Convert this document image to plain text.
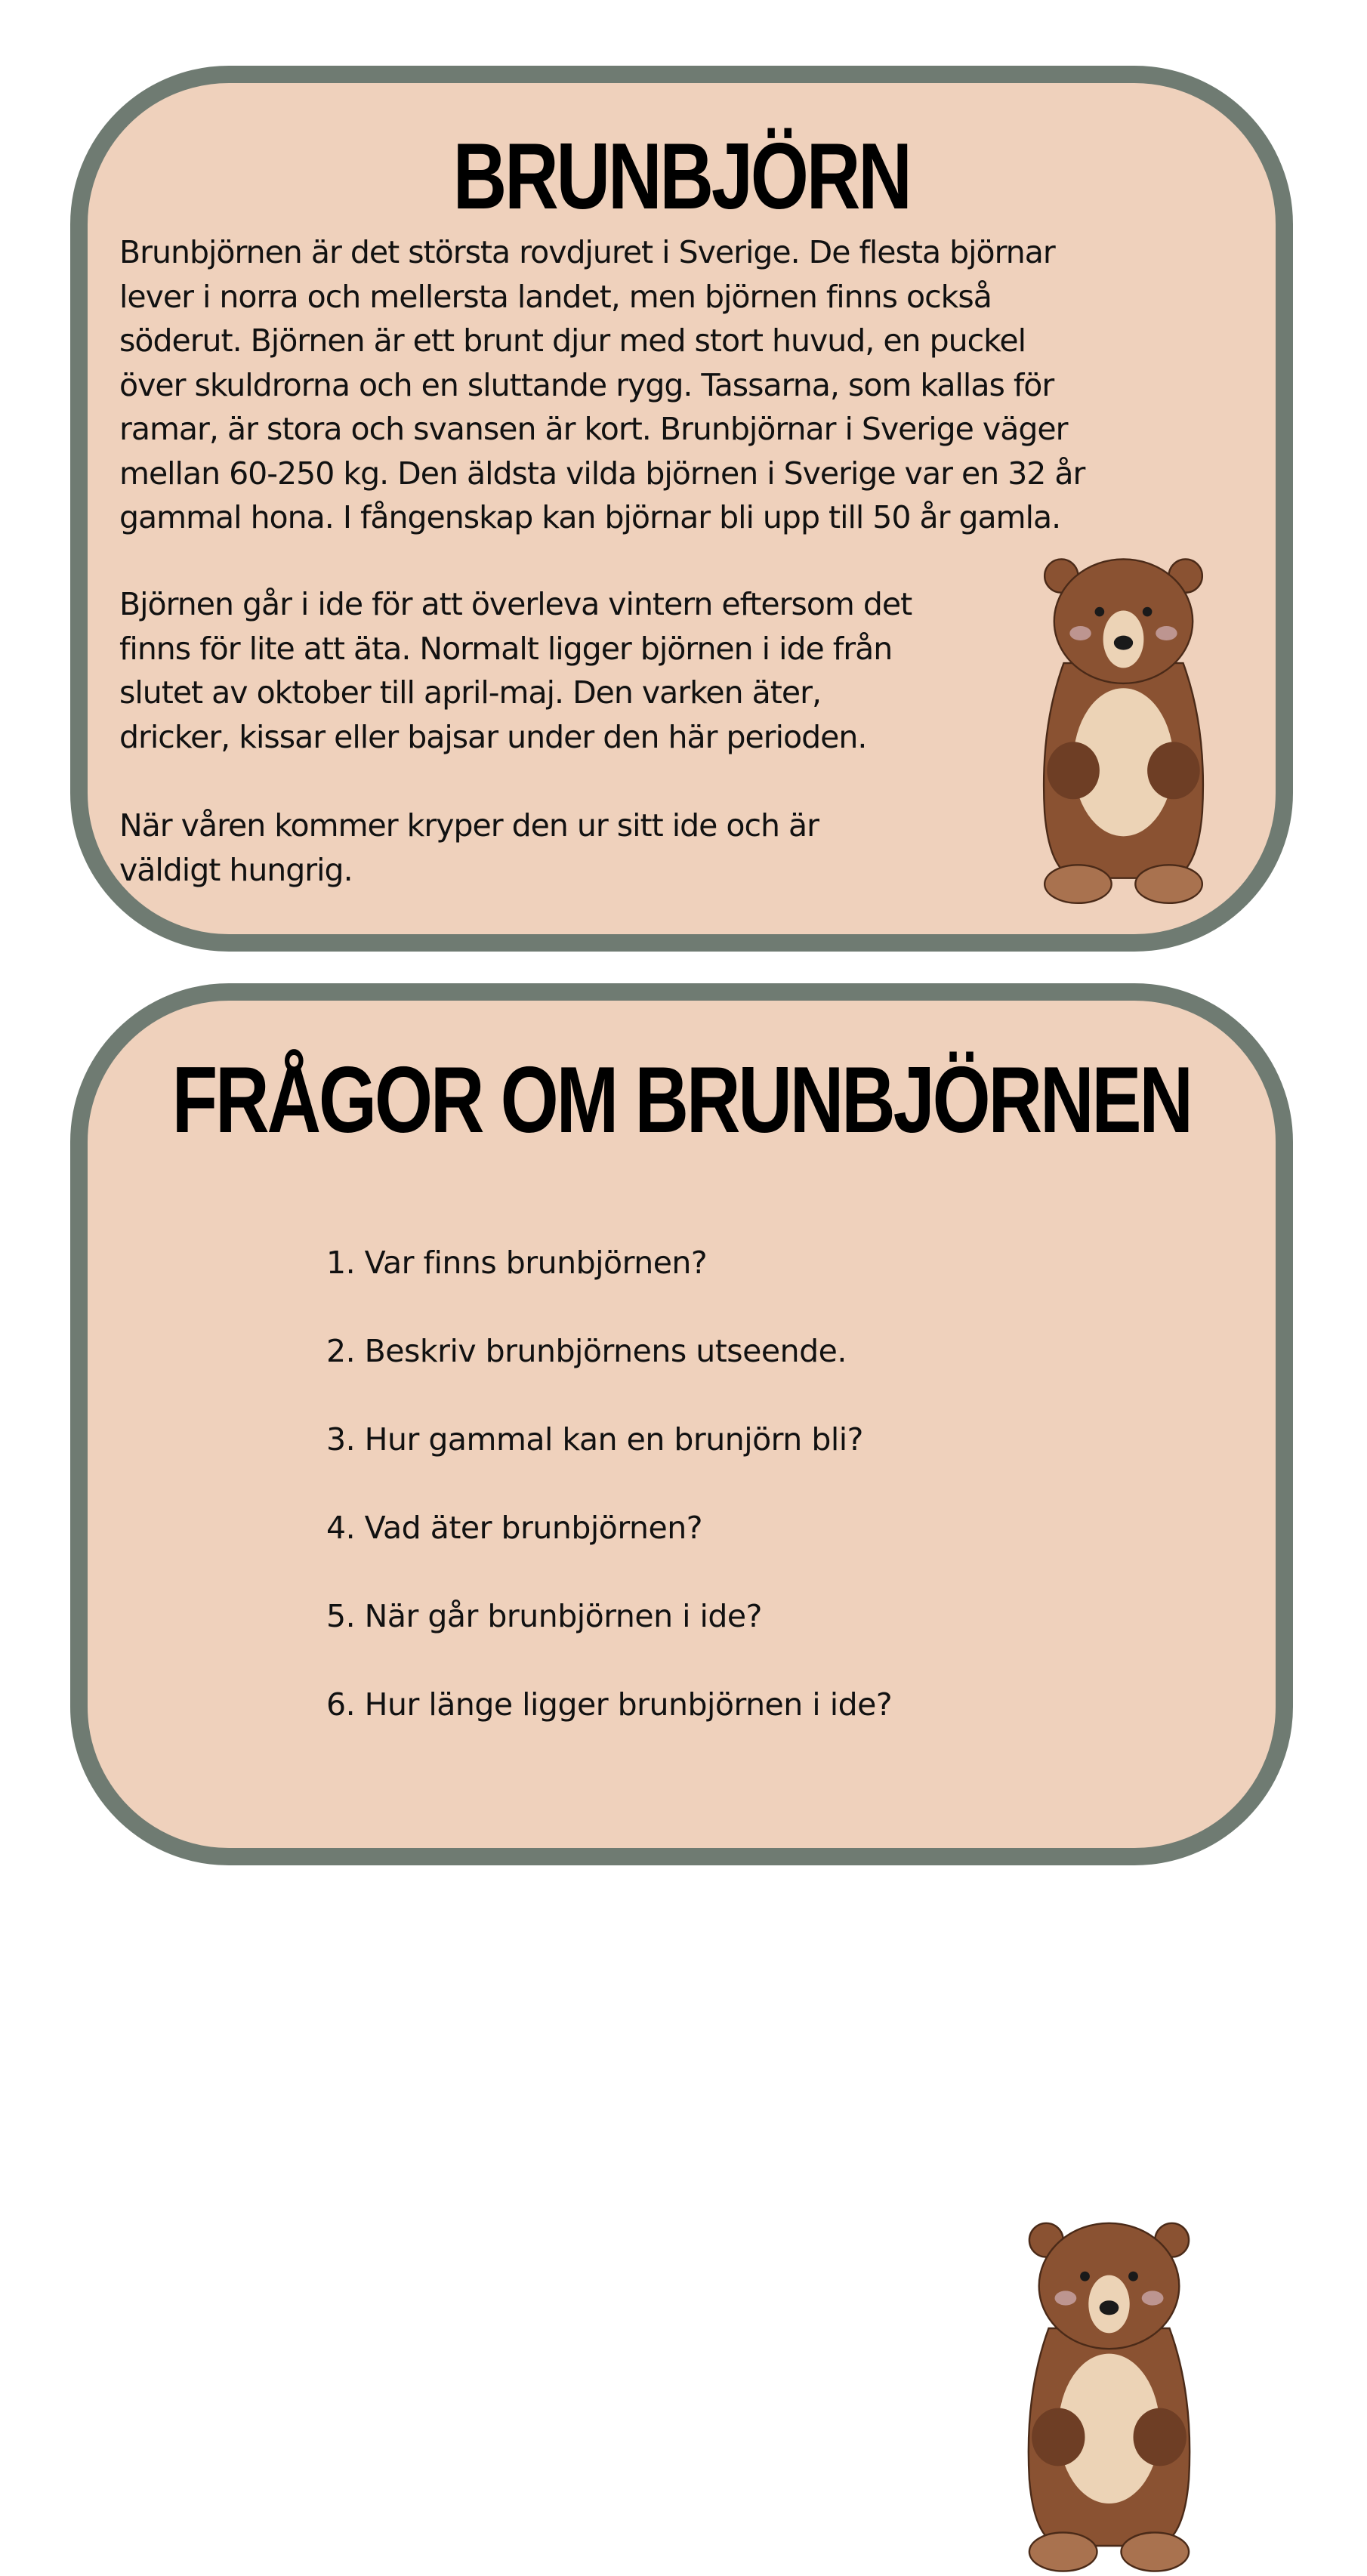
BRUNBJÖRN

Brunbjörnen är det största rovdjuret i Sverige. De flesta björnar
lever i norra och mellersta landet, men björnen finns också
söderut. Björnen är ett brunt djur med stort huvud, en puckel
över skuldrorna och en sluttande rygg. Tassarna, som kallas för
ramar, är stora och svansen är kort. Brunbjörnar i Sverige väger
mellan 60-250 kg. Den äldsta vilda björnen i Sverige var en 32 år
gammal hona. I fångenskap kan björnar bli upp till 50 år gamla.

Björnen går i ide för att överleva vintern eftersom det
finns för lite att äta. Normalt ligger björnen i ide från
slutet av oktober till april-maj. Den varken äter,
dricker, kissar eller bajsar under den här perioden.

När våren kommer kryper den ur sitt ide och är
väldigt hungrig.

FRÅGOR OM BRUNBJÖRNEN
1. Var finns brunbjörnen?
2. Beskriv brunbjörnens utseende.
3. Hur gammal kan en brunjörn bli?
4. Vad äter brunbjörnen?
5. När går brunbjörnen i ide?
6. Hur länge ligger brunbjörnen i ide?
